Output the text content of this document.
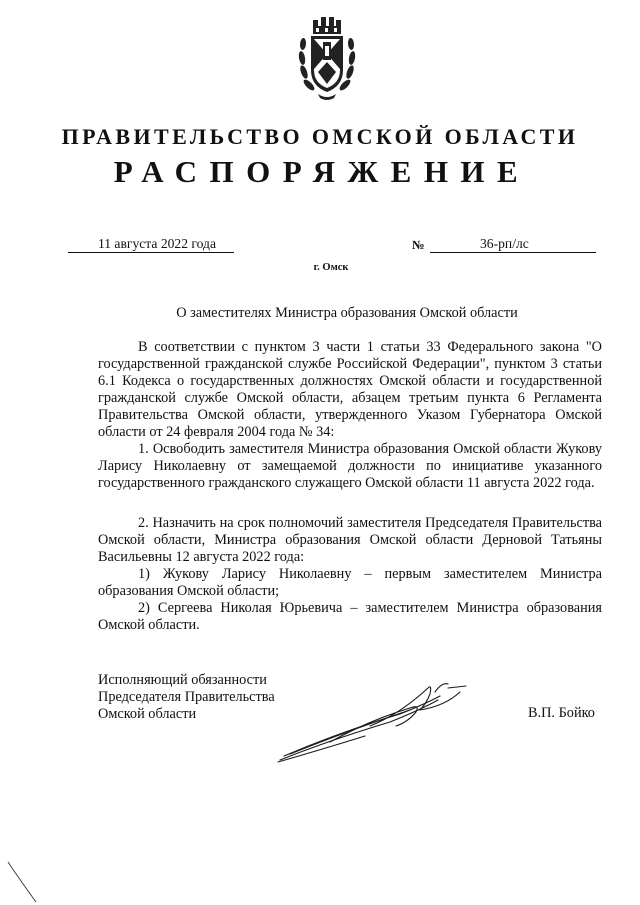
ПРАВИТЕЛЬСТВО ОМСКОЙ ОБЛАСТИ
РАСПОРЯЖЕНИЕ
11 августа 2022 года	№	36-рп/лс
г. Омск
О заместителях Министра образования Омской области
В соответствии с пунктом 3 части 1 статьи 33 Федерального закона "О государственной гражданской службе Российской Федерации", пунктом 3 статьи 6.1 Кодекса о государственных должностях Омской области и государственной гражданской службе Омской области, абзацем третьим пункта 6 Регламента Правительства Омской области, утвержденного Указом Губернатора Омской области от 24 февраля 2004 года № 34:
1. Освободить заместителя Министра образования Омской области Жукову Ларису Николаевну от замещаемой должности по инициативе указанного государственного гражданского служащего Омской области 11 августа 2022 года.
2. Назначить на срок полномочий заместителя Председателя Правительства Омской области, Министра образования Омской области Дерновой Татьяны Васильевны 12 августа 2022 года:
1) Жукову Ларису Николаевну – первым заместителем Министра образования Омской области;
2) Сергеева Николая Юрьевича – заместителем Министра образования Омской области.
Исполняющий обязанности
Председателя Правительства
Омской области	В.П. Бойко
